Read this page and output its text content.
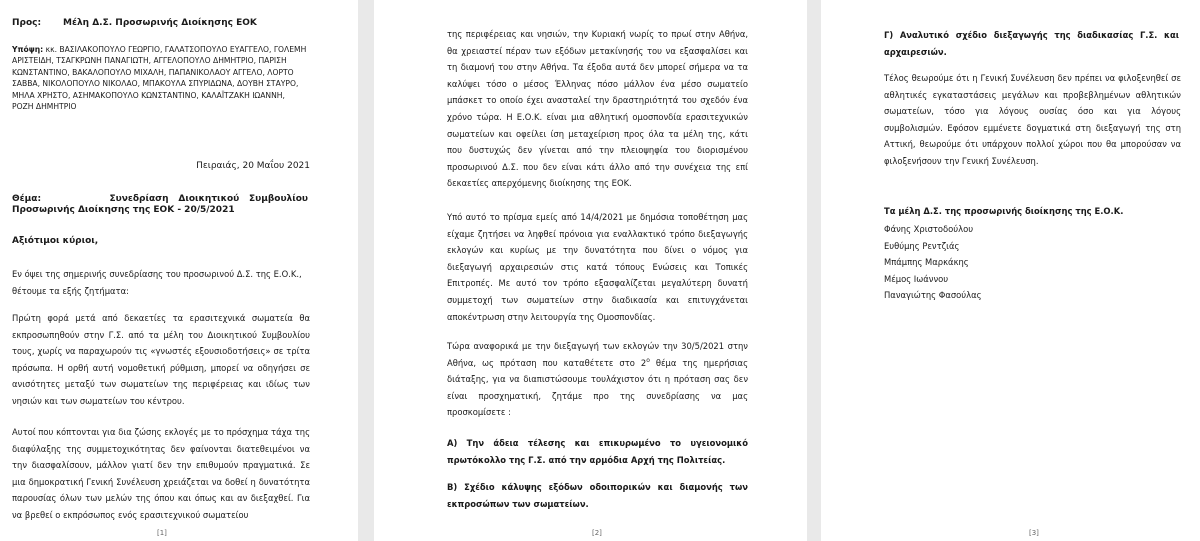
Προς:	Μέλη Δ.Σ. Προσωρινής Διοίκησης ΕΟΚ

Υπόψη: κκ. ΒΑΣΙΛΑΚΟΠΟΥΛΟ ΓΕΩΡΓΙΟ, ΓΑΛΑΤΣΟΠΟΥΛΟ ΕΥΑΓΓΕΛΟ, ΓΟΛΕΜΗ ΑΡΙΣΤΕΙΔΗ, ΤΣΑΓΚΡΩΝΗ ΠΑΝΑΓΙΩΤΗ, ΑΓΓΕΛΟΠΟΥΛΟ ΔΗΜΗΤΡΙΟ, ΠΑΡΙΣΗ ΚΩΝΣΤΑΝΤΙΝΟ, ΒΑΚΑΛΟΠΟΥΛΟ ΜΙΧΑΛΗ, ΠΑΠΑΝΙΚΟΛΑΟΥ ΑΓΓΕΛΟ, ΛΟΡΤΟ ΣΑΒΒΑ, ΝΙΚΟΛΟΠΟΥΛΟ ΝΙΚΟΛΑΟ, ΜΠΑΚΟΥΛΑ ΣΠΥΡΙΔΩΝΑ, ΔΟΥΒΗ ΣΤΑΥΡΟ, ΜΗΛΑ ΧΡΗΣΤΟ, ΑΣΗΜΑΚΟΠΟΥΛΟ ΚΩΝΣΤΑΝΤΙΝΟ, ΚΑΛΑΪΤΖΑΚΗ ΙΩΑΝΝΗ, ΡΟΖΗ ΔΗΜΗΤΡΙΟ

Πειραιάς, 20 Μαΐου 2021

Θέμα:	Συνεδρίαση Διοικητικού Συμβουλίου Προσωρινής Διοίκησης της ΕΟΚ - 20/5/2021

Αξιότιμοι κύριοι,

Εν όψει της σημερινής συνεδρίασης του προσωρινού Δ.Σ. της Ε.Ο.Κ., θέτουμε τα εξής ζητήματα:

Πρώτη φορά μετά από δεκαετίες τα ερασιτεχνικά σωματεία θα εκπροσωπηθούν στην Γ.Σ. από τα μέλη του Διοικητικού Συμβουλίου τους, χωρίς να παραχωρούν τις «γνωστές εξουσιοδοτήσεις» σε τρίτα πρόσωπα. Η ορθή αυτή νομοθετική ρύθμιση, μπορεί να οδηγήσει σε ανισότητες μεταξύ των σωματείων της περιφέρειας και ιδίως των νησιών και των σωματείων του κέντρου.

Αυτοί που κόπτονται για δια ζώσης εκλογές με το πρόσχημα τάχα της διαφύλαξης της συμμετοχικότητας δεν φαίνονται διατεθειμένοι να την διασφαλίσουν, μάλλον γιατί δεν την επιθυμούν πραγματικά. Σε μια δημοκρατική Γενική Συνέλευση χρειάζεται να δοθεί η δυνατότητα παρουσίας όλων των μελών της όπου και όπως και αν διεξαχθεί. Για να βρεθεί ο εκπρόσωπος ενός ερασιτεχνικού σωματείου

[1]

της περιφέρειας και νησιών, την Κυριακή νωρίς το πρωί στην Αθήνα, θα χρειαστεί πέραν των εξόδων μετακίνησής του να εξασφαλίσει και τη διαμονή του στην Αθήνα. Τα έξοδα αυτά δεν μπορεί σήμερα να τα καλύψει τόσο ο μέσος Έλληνας πόσο μάλλον ένα μέσο σωματείο μπάσκετ το οποίο έχει ανασταλεί την δραστηριότητά του σχεδόν ένα χρόνο τώρα. Η Ε.Ο.Κ. είναι μια αθλητική ομοσπονδία ερασιτεχνικών σωματείων και οφείλει ίση μεταχείριση προς όλα τα μέλη της, κάτι που δυστυχώς δεν γίνεται από την πλειοψηφία του διορισμένου προσωρινού Δ.Σ. που δεν είναι κάτι άλλο από την συνέχεια της επί δεκαετίες απερχόμενης διοίκησης της ΕΟΚ.

Υπό αυτό το πρίσμα εμείς από 14/4/2021 με δημόσια τοποθέτηση μας είχαμε ζητήσει να ληφθεί πρόνοια για εναλλακτικό τρόπο διεξαγωγής εκλογών και κυρίως με την δυνατότητα που δίνει ο νόμος για διεξαγωγή αρχαιρεσιών στις κατά τόπους Ενώσεις και Τοπικές Επιτροπές. Με αυτό τον τρόπο εξασφαλίζεται μεγαλύτερη δυνατή συμμετοχή των σωματείων στην διαδικασία και επιτυγχάνεται αποκέντρωση στην λειτουργία της Ομοσπονδίας.

Τώρα αναφορικά με την διεξαγωγή των εκλογών την 30/5/2021 στην Αθήνα, ως πρόταση που καταθέτετε στο $2^o$ θέμα της ημερήσιας διάταξης, για να διαπιστώσουμε τουλάχιστον ότι η πρόταση σας δεν είναι προσχηματική, ζητάμε προ της συνεδρίασης να μας προσκομίσετε :

Α) Την άδεια τέλεσης και επικυρωμένο το υγειονομικό πρωτόκολλο της Γ.Σ. από την αρμόδια Αρχή της Πολιτείας.

Β) Σχέδιο κάλυψης εξόδων οδοιπορικών και διαμονής των εκπροσώπων των σωματείων.

[2]

Γ) Αναλυτικό σχέδιο διεξαγωγής της διαδικασίας Γ.Σ. και αρχαιρεσιών.

Τέλος θεωρούμε ότι η Γενική Συνέλευση δεν πρέπει να φιλοξενηθεί σε αθλητικές εγκαταστάσεις μεγάλων και προβεβλημένων αθλητικών σωματείων, τόσο για λόγους ουσίας όσο και για λόγους συμβολισμών. Εφόσον εμμένετε δογματικά στη διεξαγωγή της στη Αττική, θεωρούμε ότι υπάρχουν πολλοί χώροι που θα μπορούσαν να φιλοξενήσουν την Γενική Συνέλευση.

Τα μέλη Δ.Σ. της προσωρινής διοίκησης της Ε.Ο.Κ.

Φάνης Χριστοδούλου
Ευθύμης Ρεντζιάς
Μπάμπης Μαρκάκης
Μέμος Ιωάννου
Παναγιώτης Φασούλας
[3]
